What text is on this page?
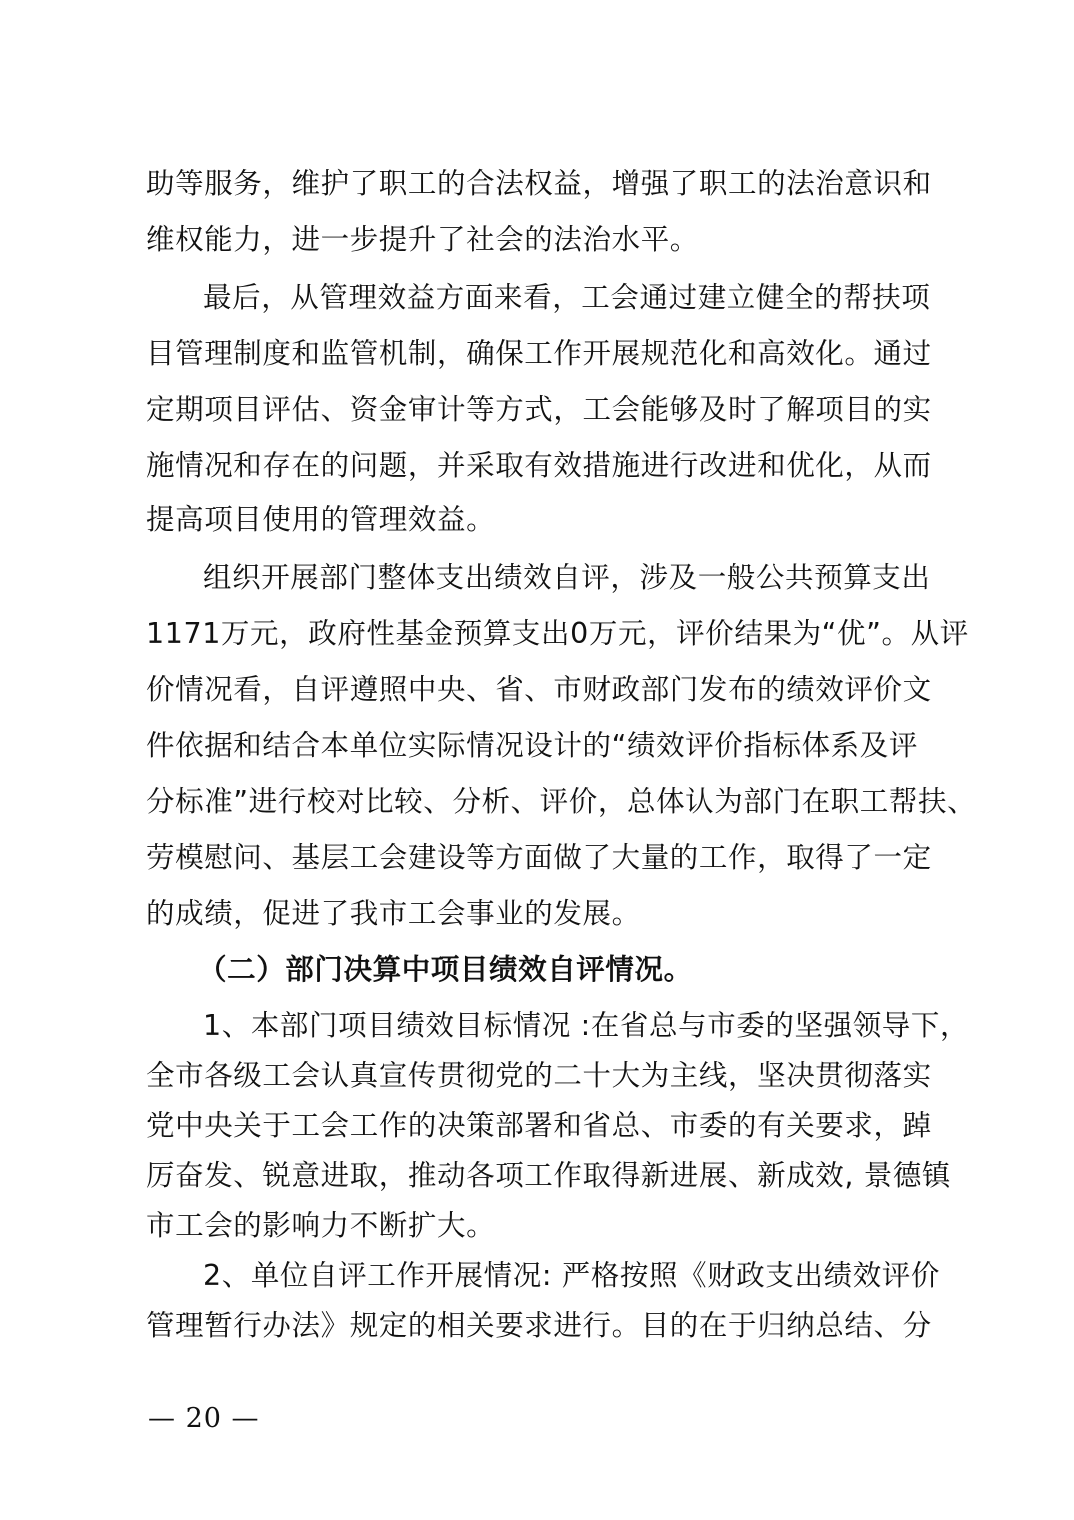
助等服务，维护了职工的合法权益，增强了职工的法治意识和
维权能力，进一步提升了社会的法治水平。
最后，从管理效益方面来看，工会通过建立健全的帮扶项
目管理制度和监管机制，确保工作开展规范化和高效化。通过
定期项目评估、资金审计等方式，工会能够及时了解项目的实
施情况和存在的问题，并采取有效措施进行改进和优化，从而
提高项目使用的管理效益。
组织开展部门整体支出绩效自评，涉及一般公共预算支出
1171万元，政府性基金预算支出0万元，评价结果为“优”。从评
价情况看，自评遵照中央、省、市财政部门发布的绩效评价文
件依据和结合本单位实际情况设计的“绩效评价指标体系及评
分标准”进行校对比较、分析、评价，总体认为部门在职工帮扶、
劳模慰问、基层工会建设等方面做了大量的工作，取得了一定
的成绩，促进了我市工会事业的发展。
（二）部门决算中项目绩效自评情况。
1、本部门项目绩效目标情况 :在省总与市委的坚强领导下，
全市各级工会认真宣传贯彻党的二十大为主线，坚决贯彻落实
党中央关于工会工作的决策部署和省总、市委的有关要求，踔
厉奋发、锐意进取，推动各项工作取得新进展、新成效, 景德镇
市工会的影响力不断扩大。
2、单位自评工作开展情况: 严格按照《财政支出绩效评价
管理暂行办法》规定的相关要求进行。目的在于归纳总结、分
— 20 —
